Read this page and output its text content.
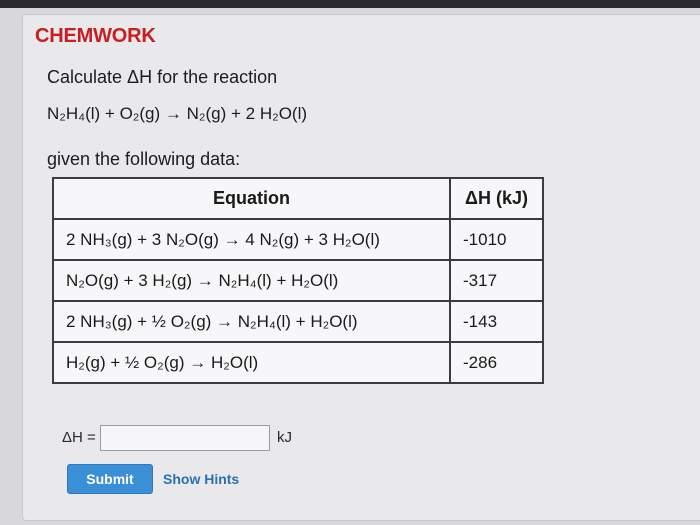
CHEMWORK
Calculate ΔH for the reaction
N₂H₄(l) + O₂(g) → N₂(g) + 2 H₂O(l)
given the following data:
Equation	ΔH (kJ)
2 NH₃(g) + 3 N₂O(g) → 4 N₂(g) + 3 H₂O(l)	-1010
N₂O(g) + 3 H₂(g) → N₂H₄(l) + H₂O(l)	-317
2 NH₃(g) + ½ O₂(g) → N₂H₄(l) + H₂O(l)	-143
H₂(g) + ½ O₂(g) → H₂O(l)	-286
ΔH =	kJ
Submit	Show Hints
